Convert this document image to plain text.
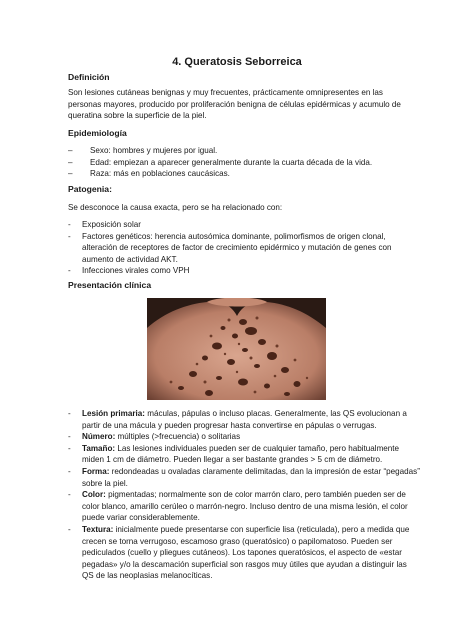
4. Queratosis Seborreica
Definición
Son lesiones cutáneas benignas y muy frecuentes, prácticamente omnipresentes en las personas mayores, producido por proliferación benigna de células epidérmicas y acumulo de queratina sobre la superficie de la piel.
Epidemiología
– Sexo: hombres y mujeres por igual.
– Edad: empiezan a aparecer generalmente durante la cuarta década de la vida.
– Raza: más en poblaciones caucásicas.
Patogenia:
Se desconoce la causa exacta, pero se ha relacionado con:
- Exposición solar
- Factores genéticos: herencia autosómica dominante, polimorfismos de origen clonal, alteración de receptores de factor de crecimiento epidérmico y mutación de genes con aumento de actividad AKT.
- Infecciones virales como VPH
Presentación clínica
- Lesión primaria: máculas, pápulas o incluso placas. Generalmente, las QS evolucionan a partir de una mácula y pueden progresar hasta convertirse en pápulas o verrugas.
- Número: múltiples (>frecuencia) o solitarias
- Tamaño: Las lesiones individuales pueden ser de cualquier tamaño, pero habitualmente miden 1 cm de diámetro. Pueden llegar a ser bastante grandes > 5 cm de diámetro.
- Forma: redondeadas u ovaladas claramente delimitadas, dan la impresión de estar “pegadas” sobre la piel.
- Color: pigmentadas; normalmente son de color marrón claro, pero también pueden ser de color blanco, amarillo cerúleo o marrón-negro. Incluso dentro de una misma lesión, el color puede variar considerablemente.
- Textura: inicialmente puede presentarse con superficie lisa (reticulada), pero a medida que crecen se torna verrugoso, escamoso graso (queratósico) o papilomatoso. Pueden ser pediculados (cuello y pliegues cutáneos). Los tapones queratósicos, el aspecto de «estar pegadas» y/o la descamación superficial son rasgos muy útiles que ayudan a distinguir las QS de las neoplasias melanocíticas.
